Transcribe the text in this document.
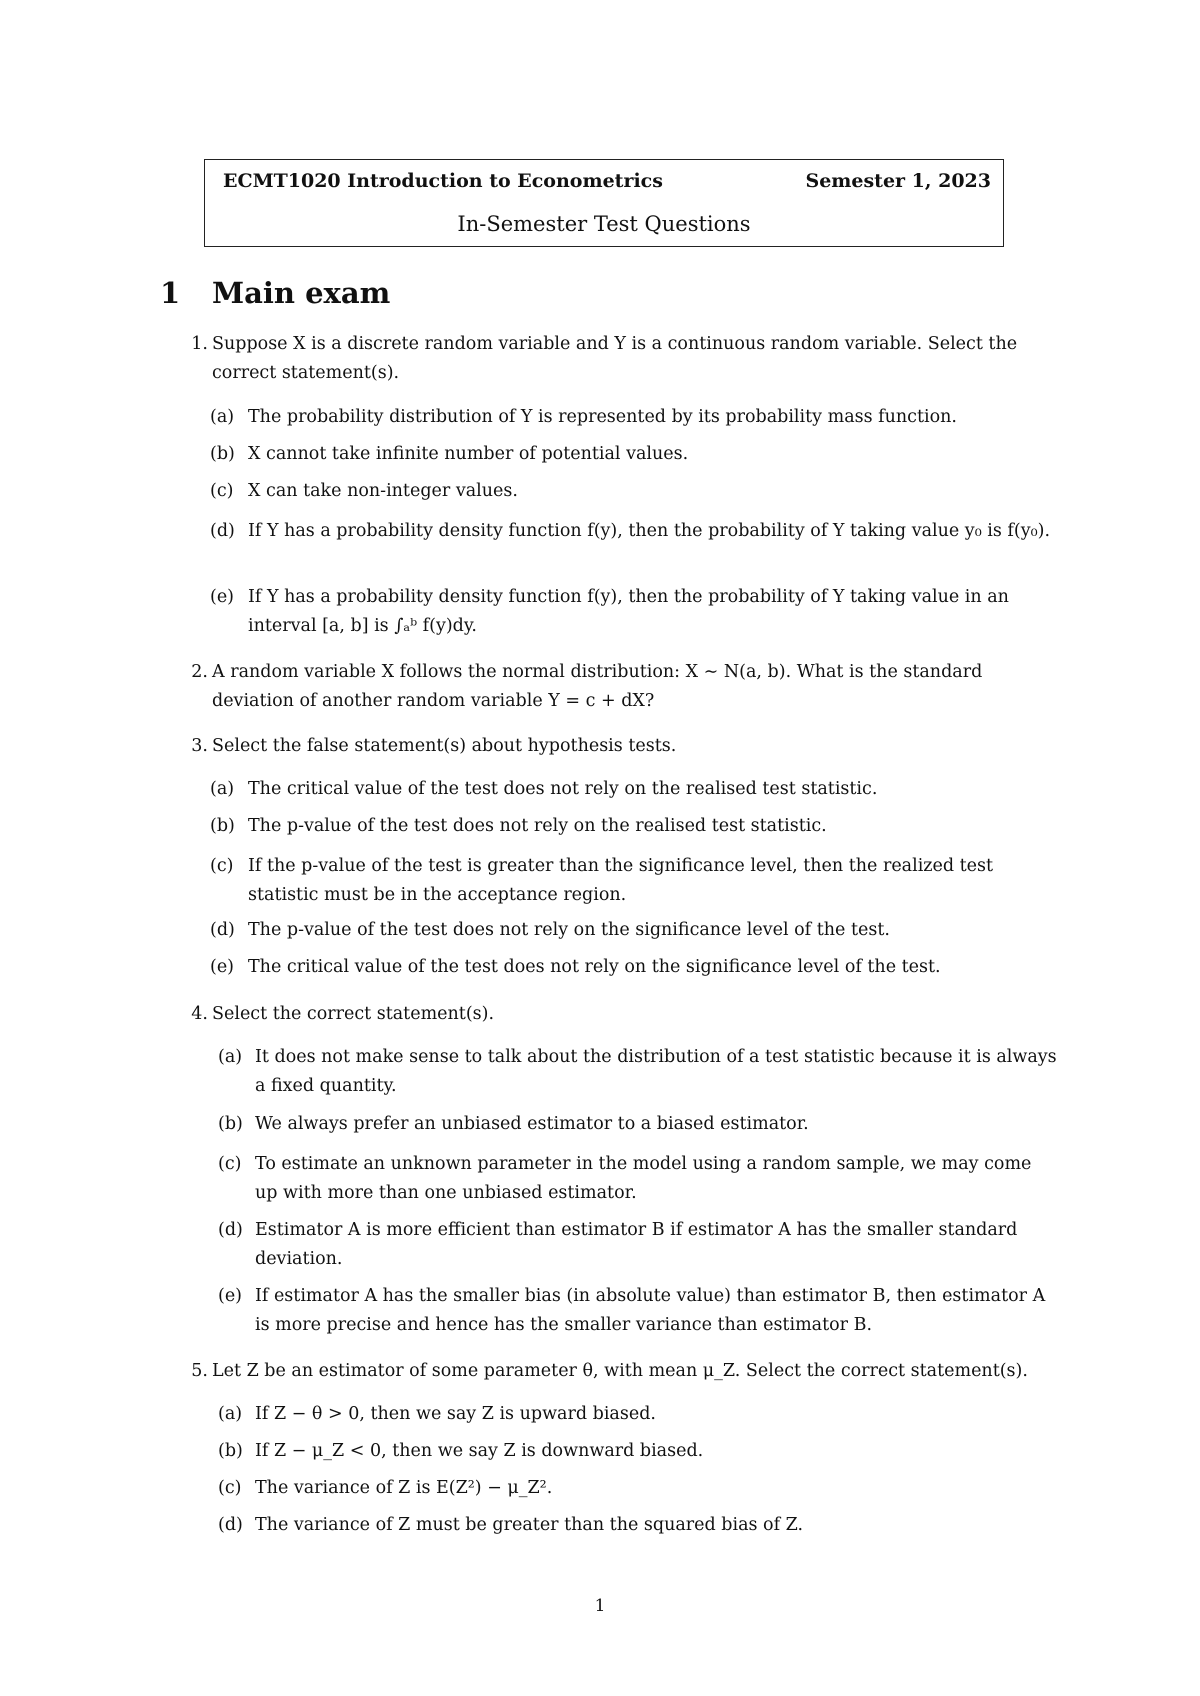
ECMT1020 Introduction to Econometrics	Semester 1, 2023
In-Semester Test Questions
1 Main exam
1. Suppose X is a discrete random variable and Y is a continuous random variable. Select the correct statement(s).
(a) The probability distribution of Y is represented by its probability mass function.
(b) X cannot take infinite number of potential values.
(c) X can take non-integer values.
(d) If Y has a probability density function f(y), then the probability of Y taking value y₀ is f(y₀).
(e) If Y has a probability density function f(y), then the probability of Y taking value in an interval [a, b] is ∫ₐᵇ f(y)dy.
2. A random variable X follows the normal distribution: X ∼ N(a, b). What is the standard deviation of another random variable Y = c + dX?
3. Select the false statement(s) about hypothesis tests.
(a) The critical value of the test does not rely on the realised test statistic.
(b) The p-value of the test does not rely on the realised test statistic.
(c) If the p-value of the test is greater than the significance level, then the realized test statistic must be in the acceptance region.
(d) The p-value of the test does not rely on the significance level of the test.
(e) The critical value of the test does not rely on the significance level of the test.
4. Select the correct statement(s).
(a) It does not make sense to talk about the distribution of a test statistic because it is always a fixed quantity.
(b) We always prefer an unbiased estimator to a biased estimator.
(c) To estimate an unknown parameter in the model using a random sample, we may come up with more than one unbiased estimator.
(d) Estimator A is more efficient than estimator B if estimator A has the smaller standard deviation.
(e) If estimator A has the smaller bias (in absolute value) than estimator B, then estimator A is more precise and hence has the smaller variance than estimator B.
5. Let Z be an estimator of some parameter θ, with mean μ_Z. Select the correct statement(s).
(a) If Z − θ > 0, then we say Z is upward biased.
(b) If Z − μ_Z < 0, then we say Z is downward biased.
(c) The variance of Z is E(Z²) − μ_Z².
(d) The variance of Z must be greater than the squared bias of Z.
1
